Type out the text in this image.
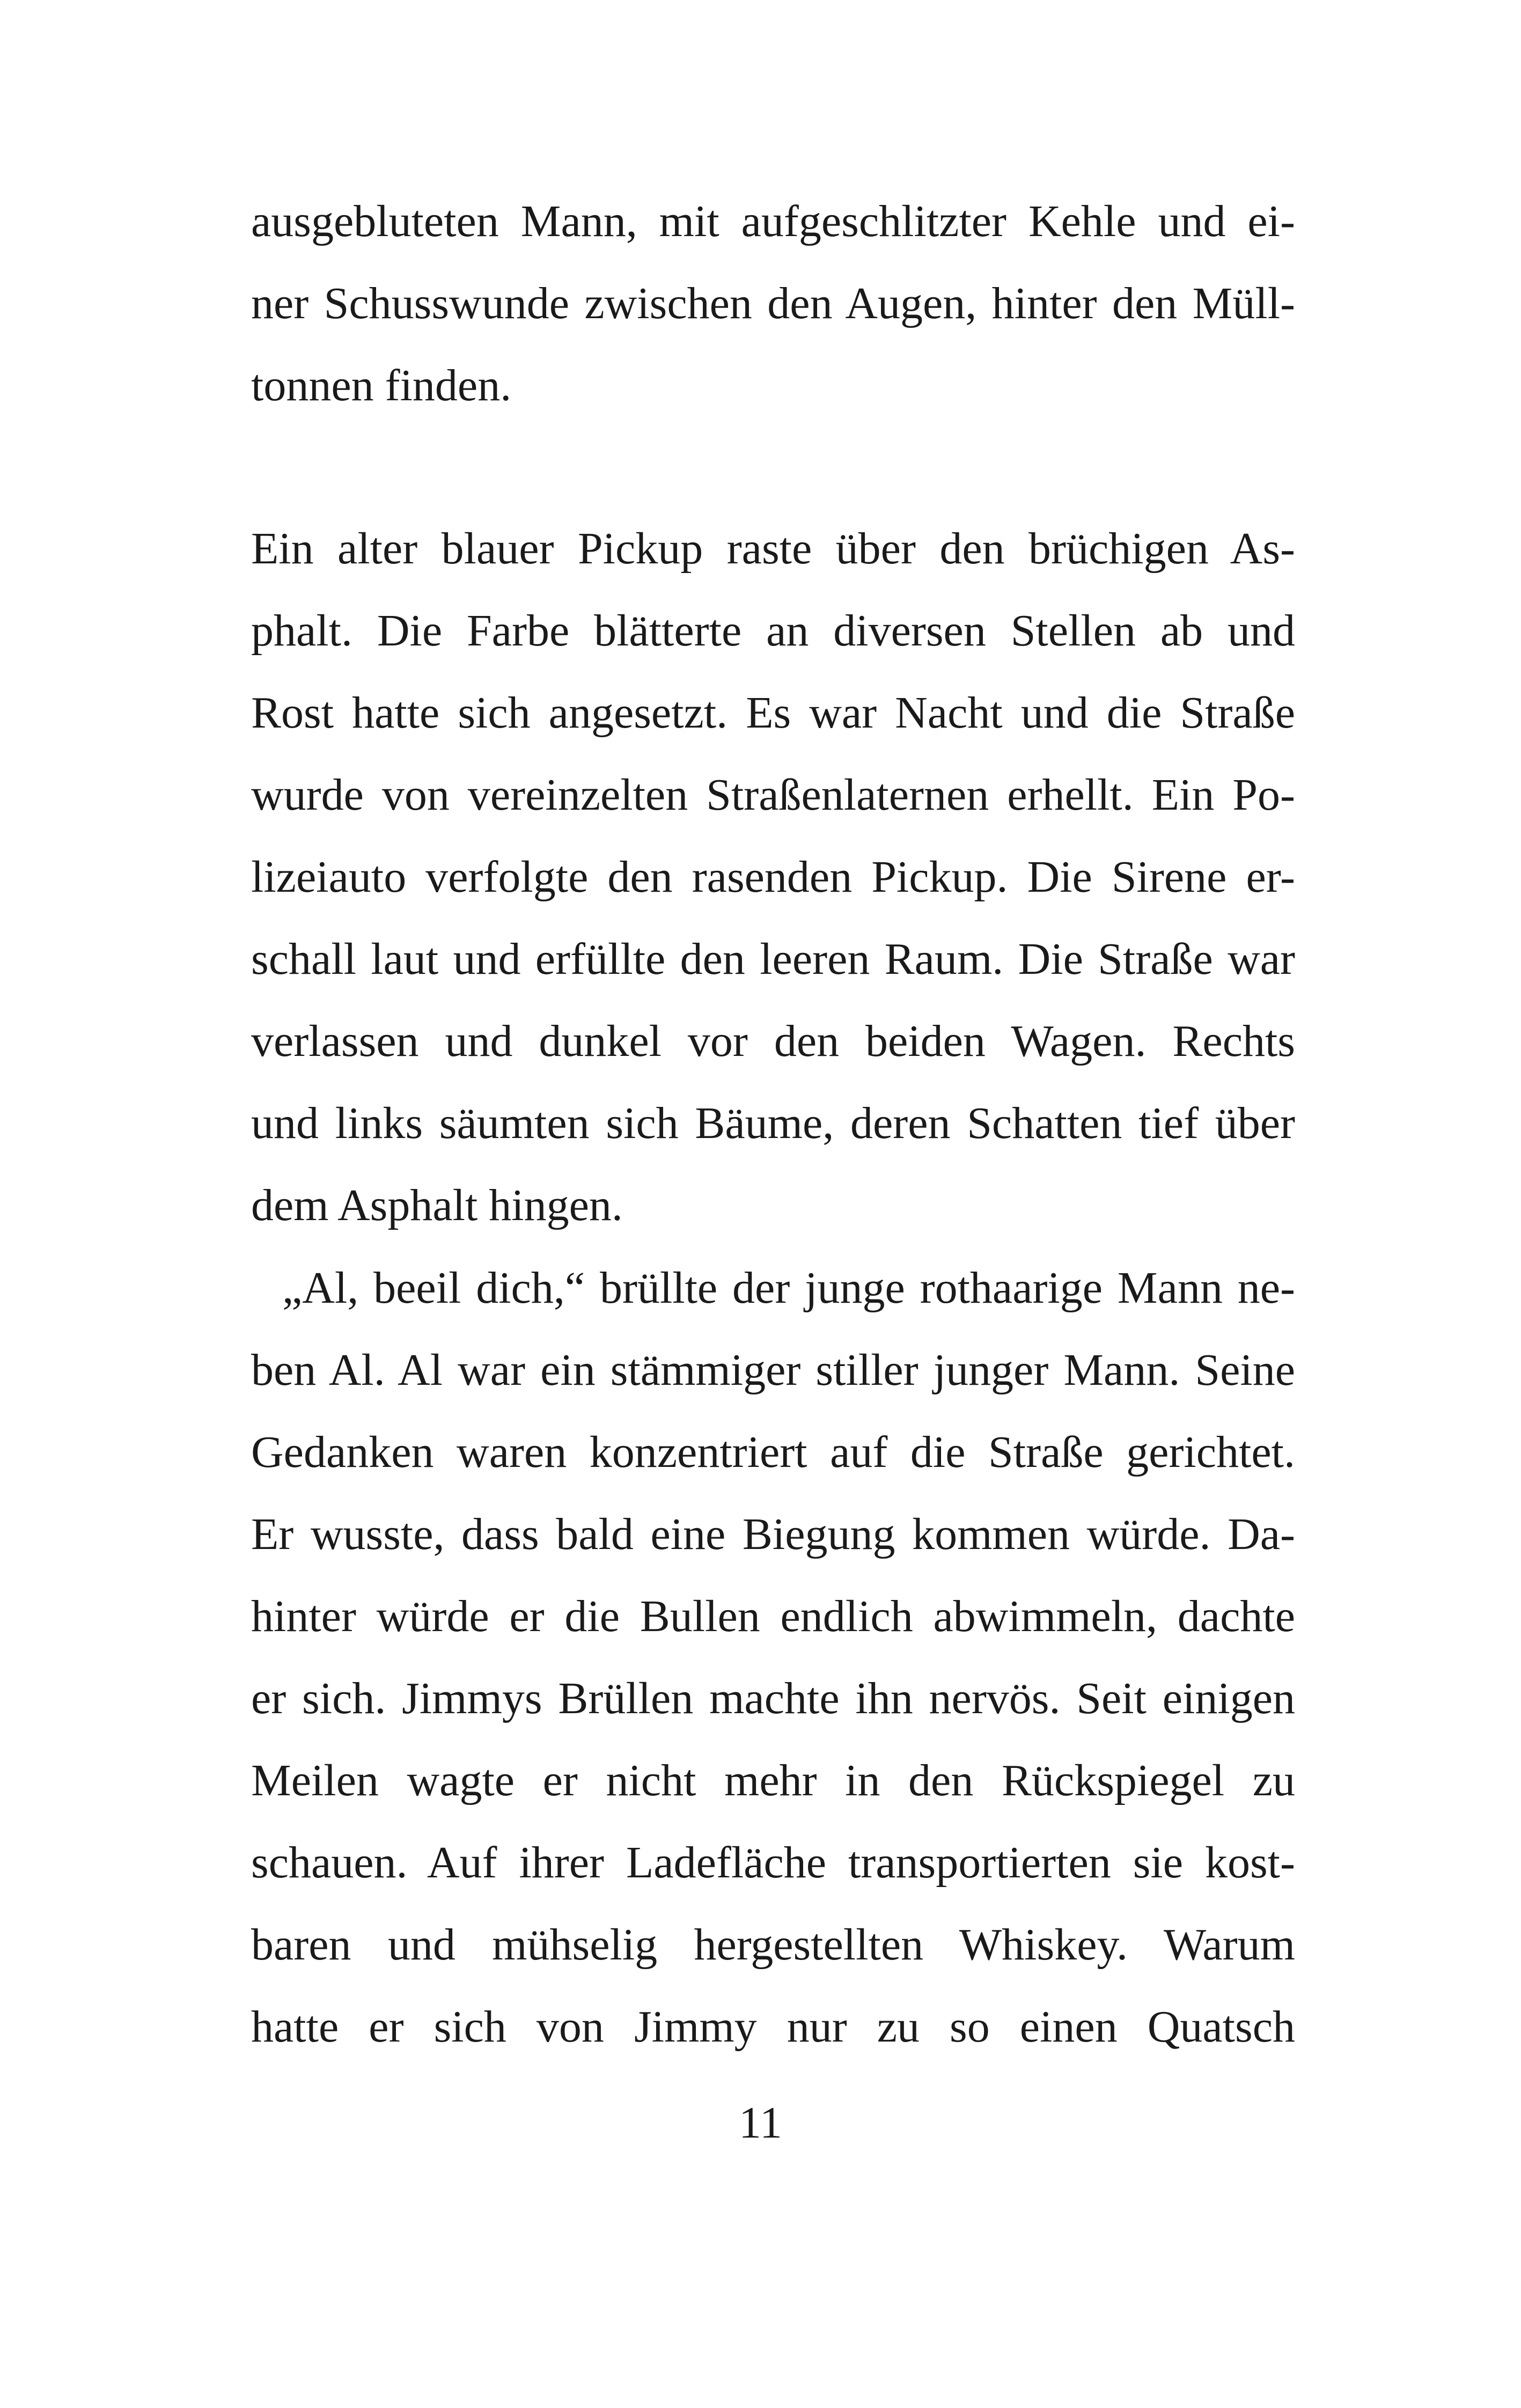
ausgebluteten Mann, mit aufgeschlitzter Kehle und ei-
ner Schusswunde zwischen den Augen, hinter den Müll-
tonnen finden.
Ein alter blauer Pickup raste über den brüchigen As-
phalt. Die Farbe blätterte an diversen Stellen ab und
Rost hatte sich angesetzt. Es war Nacht und die Straße
wurde von vereinzelten Straßenlaternen erhellt. Ein Po-
lizeiauto verfolgte den rasenden Pickup. Die Sirene er-
schall laut und erfüllte den leeren Raum. Die Straße war
verlassen und dunkel vor den beiden Wagen. Rechts
und links säumten sich Bäume, deren Schatten tief über
dem Asphalt hingen.
„Al, beeil dich,“ brüllte der junge rothaarige Mann ne-
ben Al. Al war ein stämmiger stiller junger Mann. Seine
Gedanken waren konzentriert auf die Straße gerichtet.
Er wusste, dass bald eine Biegung kommen würde. Da-
hinter würde er die Bullen endlich abwimmeln, dachte
er sich. Jimmys Brüllen machte ihn nervös. Seit einigen
Meilen wagte er nicht mehr in den Rückspiegel zu
schauen. Auf ihrer Ladefläche transportierten sie kost-
baren und mühselig hergestellten Whiskey. Warum
hatte er sich von Jimmy nur zu so einen Quatsch
11
